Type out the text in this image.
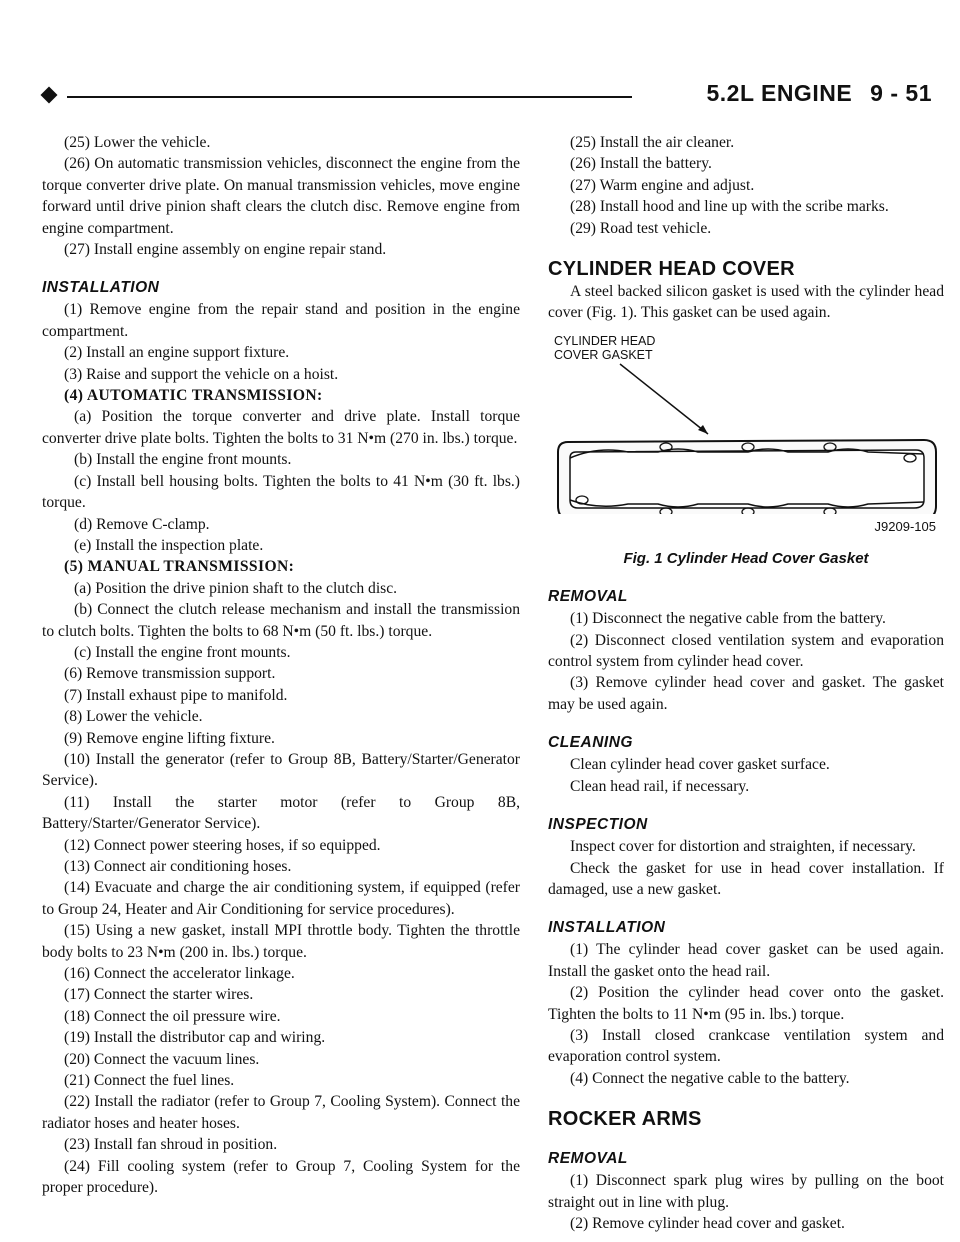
5.2L ENGINE 9 - 51

(25) Lower the vehicle.

(26) On automatic transmission vehicles, disconnect the engine from the torque converter drive plate. On manual transmission vehicles, move engine forward until drive pinion shaft clears the clutch disc. Remove engine from engine compartment.

(27) Install engine assembly on engine repair stand.

INSTALLATION

(1) Remove engine from the repair stand and position in the engine compartment.

(2) Install an engine support fixture.

(3) Raise and support the vehicle on a hoist.

(4) AUTOMATIC TRANSMISSION:

(a) Position the torque converter and drive plate. Install torque converter drive plate bolts. Tighten the bolts to 31 N•m (270 in. lbs.) torque.

(b) Install the engine front mounts.

(c) Install bell housing bolts. Tighten the bolts to 41 N•m (30 ft. lbs.) torque.

(d) Remove C-clamp.

(e) Install the inspection plate.

(5) MANUAL TRANSMISSION:

(a) Position the drive pinion shaft to the clutch disc.

(b) Connect the clutch release mechanism and install the transmission to clutch bolts. Tighten the bolts to 68 N•m (50 ft. lbs.) torque.

(c) Install the engine front mounts.

(6) Remove transmission support.

(7) Install exhaust pipe to manifold.

(8) Lower the vehicle.

(9) Remove engine lifting fixture.

(10) Install the generator (refer to Group 8B, Battery/Starter/Generator Service).

(11) Install the starter motor (refer to Group 8B, Battery/Starter/Generator Service).

(12) Connect power steering hoses, if so equipped.

(13) Connect air conditioning hoses.

(14) Evacuate and charge the air conditioning system, if equipped (refer to Group 24, Heater and Air Conditioning for service procedures).

(15) Using a new gasket, install MPI throttle body. Tighten the throttle body bolts to 23 N•m (200 in. lbs.) torque.

(16) Connect the accelerator linkage.

(17) Connect the starter wires.

(18) Connect the oil pressure wire.

(19) Install the distributor cap and wiring.

(20) Connect the vacuum lines.

(21) Connect the fuel lines.

(22) Install the radiator (refer to Group 7, Cooling System). Connect the radiator hoses and heater hoses.

(23) Install fan shroud in position.

(24) Fill cooling system (refer to Group 7, Cooling System for the proper procedure).

(25) Install the air cleaner.

(26) Install the battery.

(27) Warm engine and adjust.

(28) Install hood and line up with the scribe marks.

(29) Road test vehicle.

CYLINDER HEAD COVER

A steel backed silicon gasket is used with the cylinder head cover (Fig. 1). This gasket can be used again.

CYLINDER HEAD
COVER GASKET
J9209-105
Fig. 1 Cylinder Head Cover Gasket
REMOVAL

(1) Disconnect the negative cable from the battery.

(2) Disconnect closed ventilation system and evaporation control system from cylinder head cover.

(3) Remove cylinder head cover and gasket. The gasket may be used again.

CLEANING

Clean cylinder head cover gasket surface.

Clean head rail, if necessary.

INSPECTION

Inspect cover for distortion and straighten, if necessary.

Check the gasket for use in head cover installation. If damaged, use a new gasket.

INSTALLATION

(1) The cylinder head cover gasket can be used again. Install the gasket onto the head rail.

(2) Position the cylinder head cover onto the gasket. Tighten the bolts to 11 N•m (95 in. lbs.) torque.

(3) Install closed crankcase ventilation system and evaporation control system.

(4) Connect the negative cable to the battery.

ROCKER ARMS
REMOVAL

(1) Disconnect spark plug wires by pulling on the boot straight out in line with plug.

(2) Remove cylinder head cover and gasket.
